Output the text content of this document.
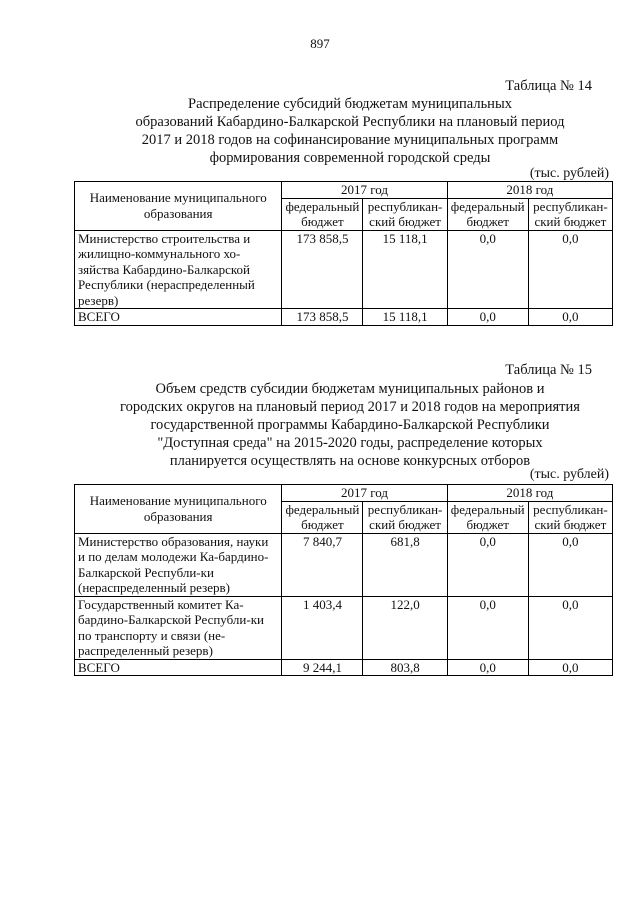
897
Таблица № 14
Распределение субсидий бюджетам муниципальных
образований Кабардино-Балкарской Республики на плановый период
2017 и 2018 годов на софинансирование муниципальных программ
формирования современной городской среды
(тыс. рублей)
Наименование муниципального образования	2017 год		2018 год	
	федеральный бюджет	республикан-ский бюджет	федеральный бюджет	республикан-ский бюджет
Министерство строительства и жилищно-коммунального хо-зяйства Кабардино-Балкарской Республики (нераспределенный резерв)	173 858,5	15 118,1	0,0	0,0
ВСЕГО	173 858,5	15 118,1	0,0	0,0
Таблица № 15
Объем средств субсидии бюджетам муниципальных районов и
городских округов на плановый период 2017 и 2018 годов на мероприятия
государственной программы Кабардино-Балкарской Республики
"Доступная среда" на 2015-2020 годы, распределение которых
планируется осуществлять на основе конкурсных отборов
(тыс. рублей)
Наименование муниципального образования	2017 год		2018 год	
	федеральный бюджет	республикан-ский бюджет	федеральный бюджет	республикан-ский бюджет
Министерство образования, науки и по делам молодежи Ка-бардино-Балкарской Республи-ки (нераспределенный резерв)	7 840,7	681,8	0,0	0,0
Государственный комитет Ка-бардино-Балкарской Республи-ки по транспорту и связи (не-распределенный резерв)	1 403,4	122,0	0,0	0,0
ВСЕГО	9 244,1	803,8	0,0	0,0
